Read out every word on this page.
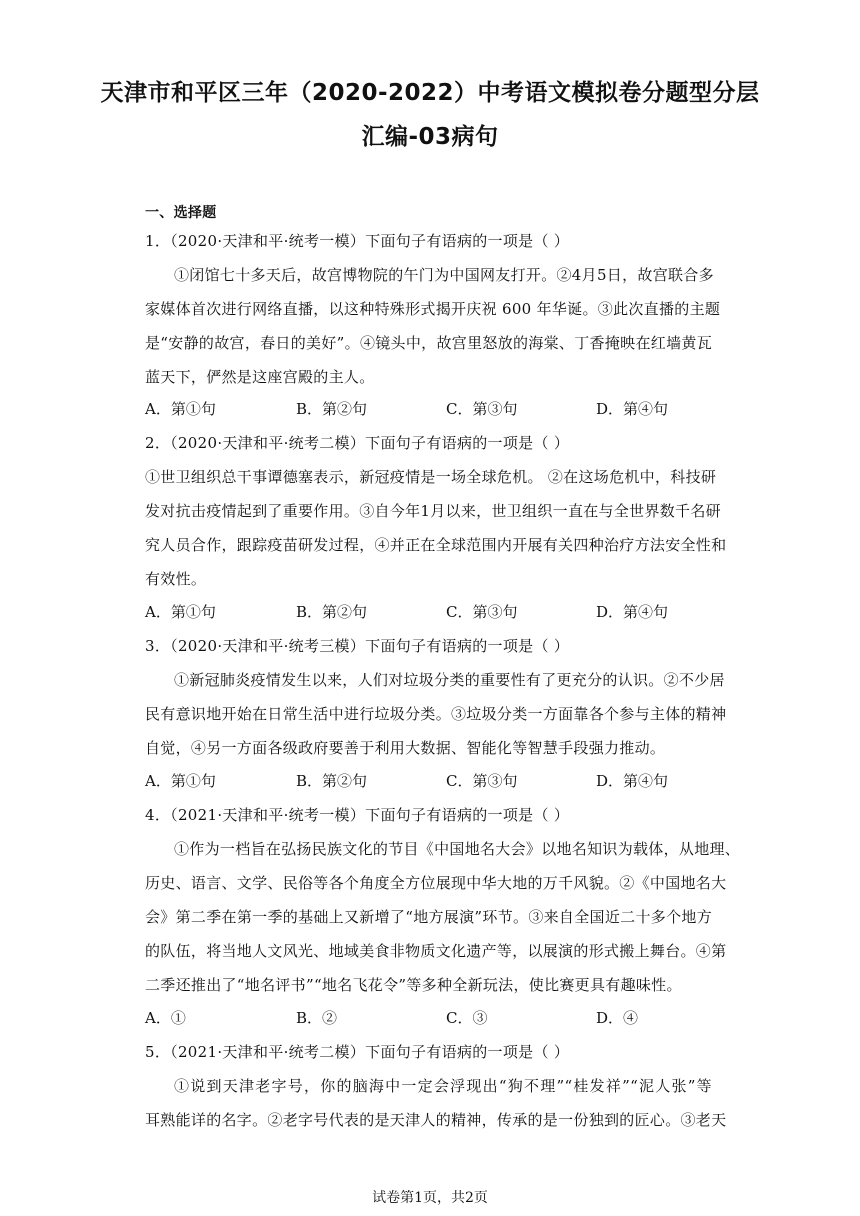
天津市和平区三年（2020-2022）中考语文模拟卷分题型分层
汇编-03病句
一、选择题
1．（2020·天津和平·统考一模）下面句子有语病的一项是（ ）
①闭馆七十多天后，故宫博物院的午门为中国网友打开。②4月5日，故宫联合多
家媒体首次进行网络直播，以这种特殊形式揭开庆祝 600 年华诞。③此次直播的主题
是“安静的故宫，春日的美好”。④镜头中，故宫里怒放的海棠、丁香掩映在红墙黄瓦
蓝天下，俨然是这座宫殿的主人。
A．第①句	B．第②句	C．第③句	D．第④句
2．（2020·天津和平·统考二模）下面句子有语病的一项是（ ）
①世卫组织总干事谭德塞表示，新冠疫情是一场全球危机。 ②在这场危机中，科技研
发对抗击疫情起到了重要作用。③自今年1月以来，世卫组织一直在与全世界数千名研
究人员合作，跟踪疫苗研发过程，④并正在全球范围内开展有关四种治疗方法安全性和
有效性。
A．第①句	B．第②句	C．第③句	D．第④句
3．（2020·天津和平·统考三模）下面句子有语病的一项是（ ）
①新冠肺炎疫情发生以来，人们对垃圾分类的重要性有了更充分的认识。②不少居
民有意识地开始在日常生活中进行垃圾分类。③垃圾分类一方面靠各个参与主体的精神
自觉，④另一方面各级政府要善于利用大数据、智能化等智慧手段强力推动。
A．第①句	B．第②句	C．第③句	D．第④句
4．（2021·天津和平·统考一模）下面句子有语病的一项是（ ）
①作为一档旨在弘扬民族文化的节目《中国地名大会》以地名知识为载体，从地理、
历史、语言、文学、民俗等各个角度全方位展现中华大地的万千风貌。②《中国地名大
会》第二季在第一季的基础上又新增了“地方展演”环节。③来自全国近二十多个地方
的队伍，将当地人文风光、地域美食非物质文化遗产等，以展演的形式搬上舞台。④第
二季还推出了“地名评书”“地名飞花令”等多种全新玩法，使比赛更具有趣味性。
A．①	B．②	C．③	D．④
5．（2021·天津和平·统考二模）下面句子有语病的一项是（ ）
①说到天津老字号，你的脑海中一定会浮现出“狗不理”“桂发祥”“泥人张”等
耳熟能详的名字。②老字号代表的是天津人的精神，传承的是一份独到的匠心。③老天
试卷第1页，共2页
